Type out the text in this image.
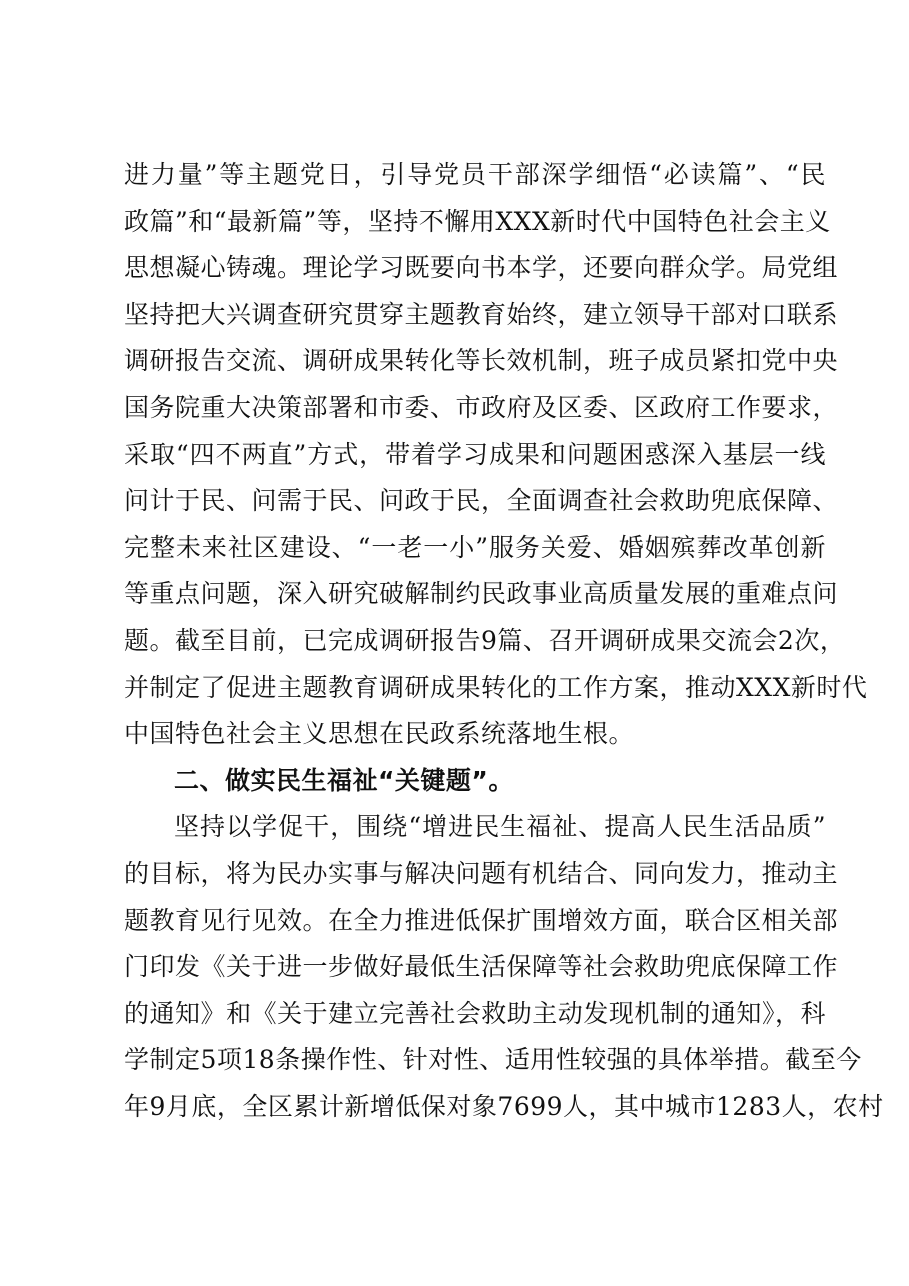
进力量”等主题党日，引导党员干部深学细悟“必读篇”、“民
政篇”和“最新篇”等，坚持不懈用XXX新时代中国特色社会主义
思想凝心铸魂。理论学习既要向书本学，还要向群众学。局党组
坚持把大兴调查研究贯穿主题教育始终，建立领导干部对口联系
调研报告交流、调研成果转化等长效机制，班子成员紧扣党中央
国务院重大决策部署和市委、市政府及区委、区政府工作要求，
采取“四不两直”方式，带着学习成果和问题困惑深入基层一线
问计于民、问需于民、问政于民，全面调查社会救助兜底保障、
完整未来社区建设、“一老一小”服务关爱、婚姻殡葬改革创新
等重点问题，深入研究破解制约民政事业高质量发展的重难点问
题。截至目前，已完成调研报告9篇、召开调研成果交流会2次，
并制定了促进主题教育调研成果转化的工作方案，推动XXX新时代
中国特色社会主义思想在民政系统落地生根。
二、做实民生福祉“关键题”。
坚持以学促干，围绕“增进民生福祉、提高人民生活品质”
的目标，将为民办实事与解决问题有机结合、同向发力，推动主
题教育见行见效。在全力推进低保扩围增效方面，联合区相关部
门印发《关于进一步做好最低生活保障等社会救助兜底保障工作
的通知》和《关于建立完善社会救助主动发现机制的通知》，科
学制定5项18条操作性、针对性、适用性较强的具体举措。截至今
年9月底，全区累计新增低保对象7699人，其中城市1283人，农村
